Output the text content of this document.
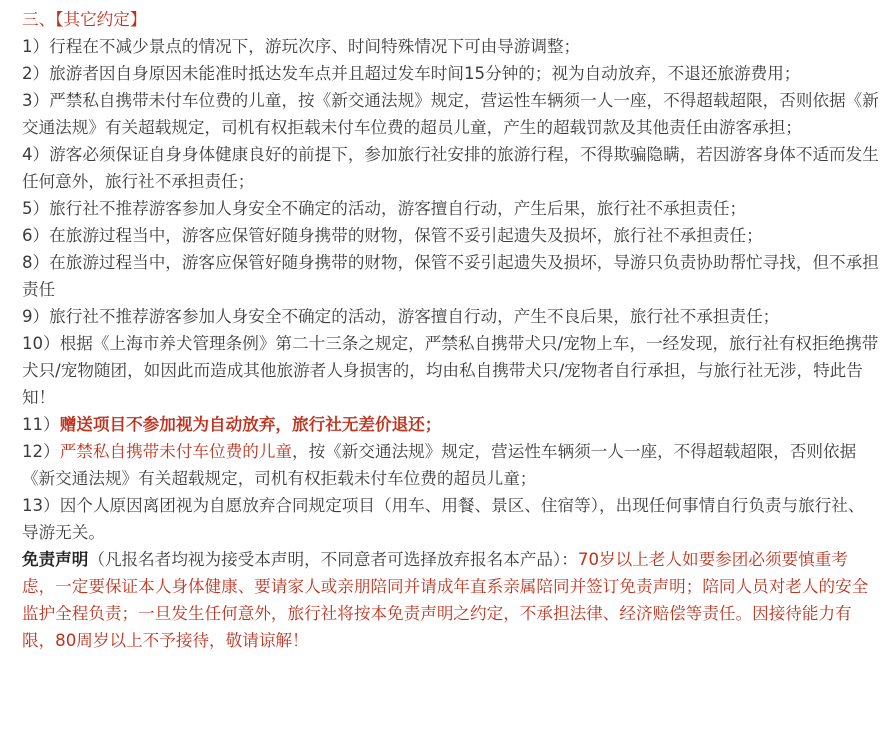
三、【其它约定】

1）行程在不减少景点的情况下，游玩次序、时间特殊情况下可由导游调整；

2）旅游者因自身原因未能准时抵达发车点并且超过发车时间15分钟的；视为自动放弃，不退还旅游费用；

3）严禁私自携带未付车位费的儿童，按《新交通法规》规定，营运性车辆须一人一座，不得超载超限，否则依据《新交通法规》有关超载规定，司机有权拒载未付车位费的超员儿童，产生的超载罚款及其他责任由游客承担；

4）游客必须保证自身身体健康良好的前提下，参加旅行社安排的旅游行程，不得欺骗隐瞒，若因游客身体不适而发生任何意外，旅行社不承担责任；

5）旅行社不推荐游客参加人身安全不确定的活动，游客擅自行动，产生后果，旅行社不承担责任；

6）在旅游过程当中，游客应保管好随身携带的财物，保管不妥引起遗失及损坏，旅行社不承担责任；

8）在旅游过程当中，游客应保管好随身携带的财物，保管不妥引起遗失及损坏，导游只负责协助帮忙寻找，但不承担责任

9）旅行社不推荐游客参加人身安全不确定的活动，游客擅自行动，产生不良后果，旅行社不承担责任；

10）根据《上海市养犬管理条例》第二十三条之规定，严禁私自携带犬只/宠物上车，一经发现，旅行社有权拒绝携带犬只/宠物随团，如因此而造成其他旅游者人身损害的，均由私自携带犬只/宠物者自行承担，与旅行社无涉，特此告知！

11）赠送项目不参加视为自动放弃，旅行社无差价退还；

12）严禁私自携带未付车位费的儿童，按《新交通法规》规定，营运性车辆须一人一座，不得超载超限，否则依据《新交通法规》有关超载规定，司机有权拒载未付车位费的超员儿童；

13）因个人原因离团视为自愿放弃合同规定项目（用车、用餐、景区、住宿等），出现任何事情自行负责与旅行社、导游无关。

免责声明（凡报名者均视为接受本声明，不同意者可选择放弃报名本产品）：70岁以上老人如要参团必须要慎重考虑，一定要保证本人身体健康、要请家人或亲朋陪同并请成年直系亲属陪同并签订免责声明；陪同人员对老人的安全监护全程负责；一旦发生任何意外，旅行社将按本免责声明之约定，不承担法律、经济赔偿等责任。因接待能力有限，80周岁以上不予接待，敬请谅解！
